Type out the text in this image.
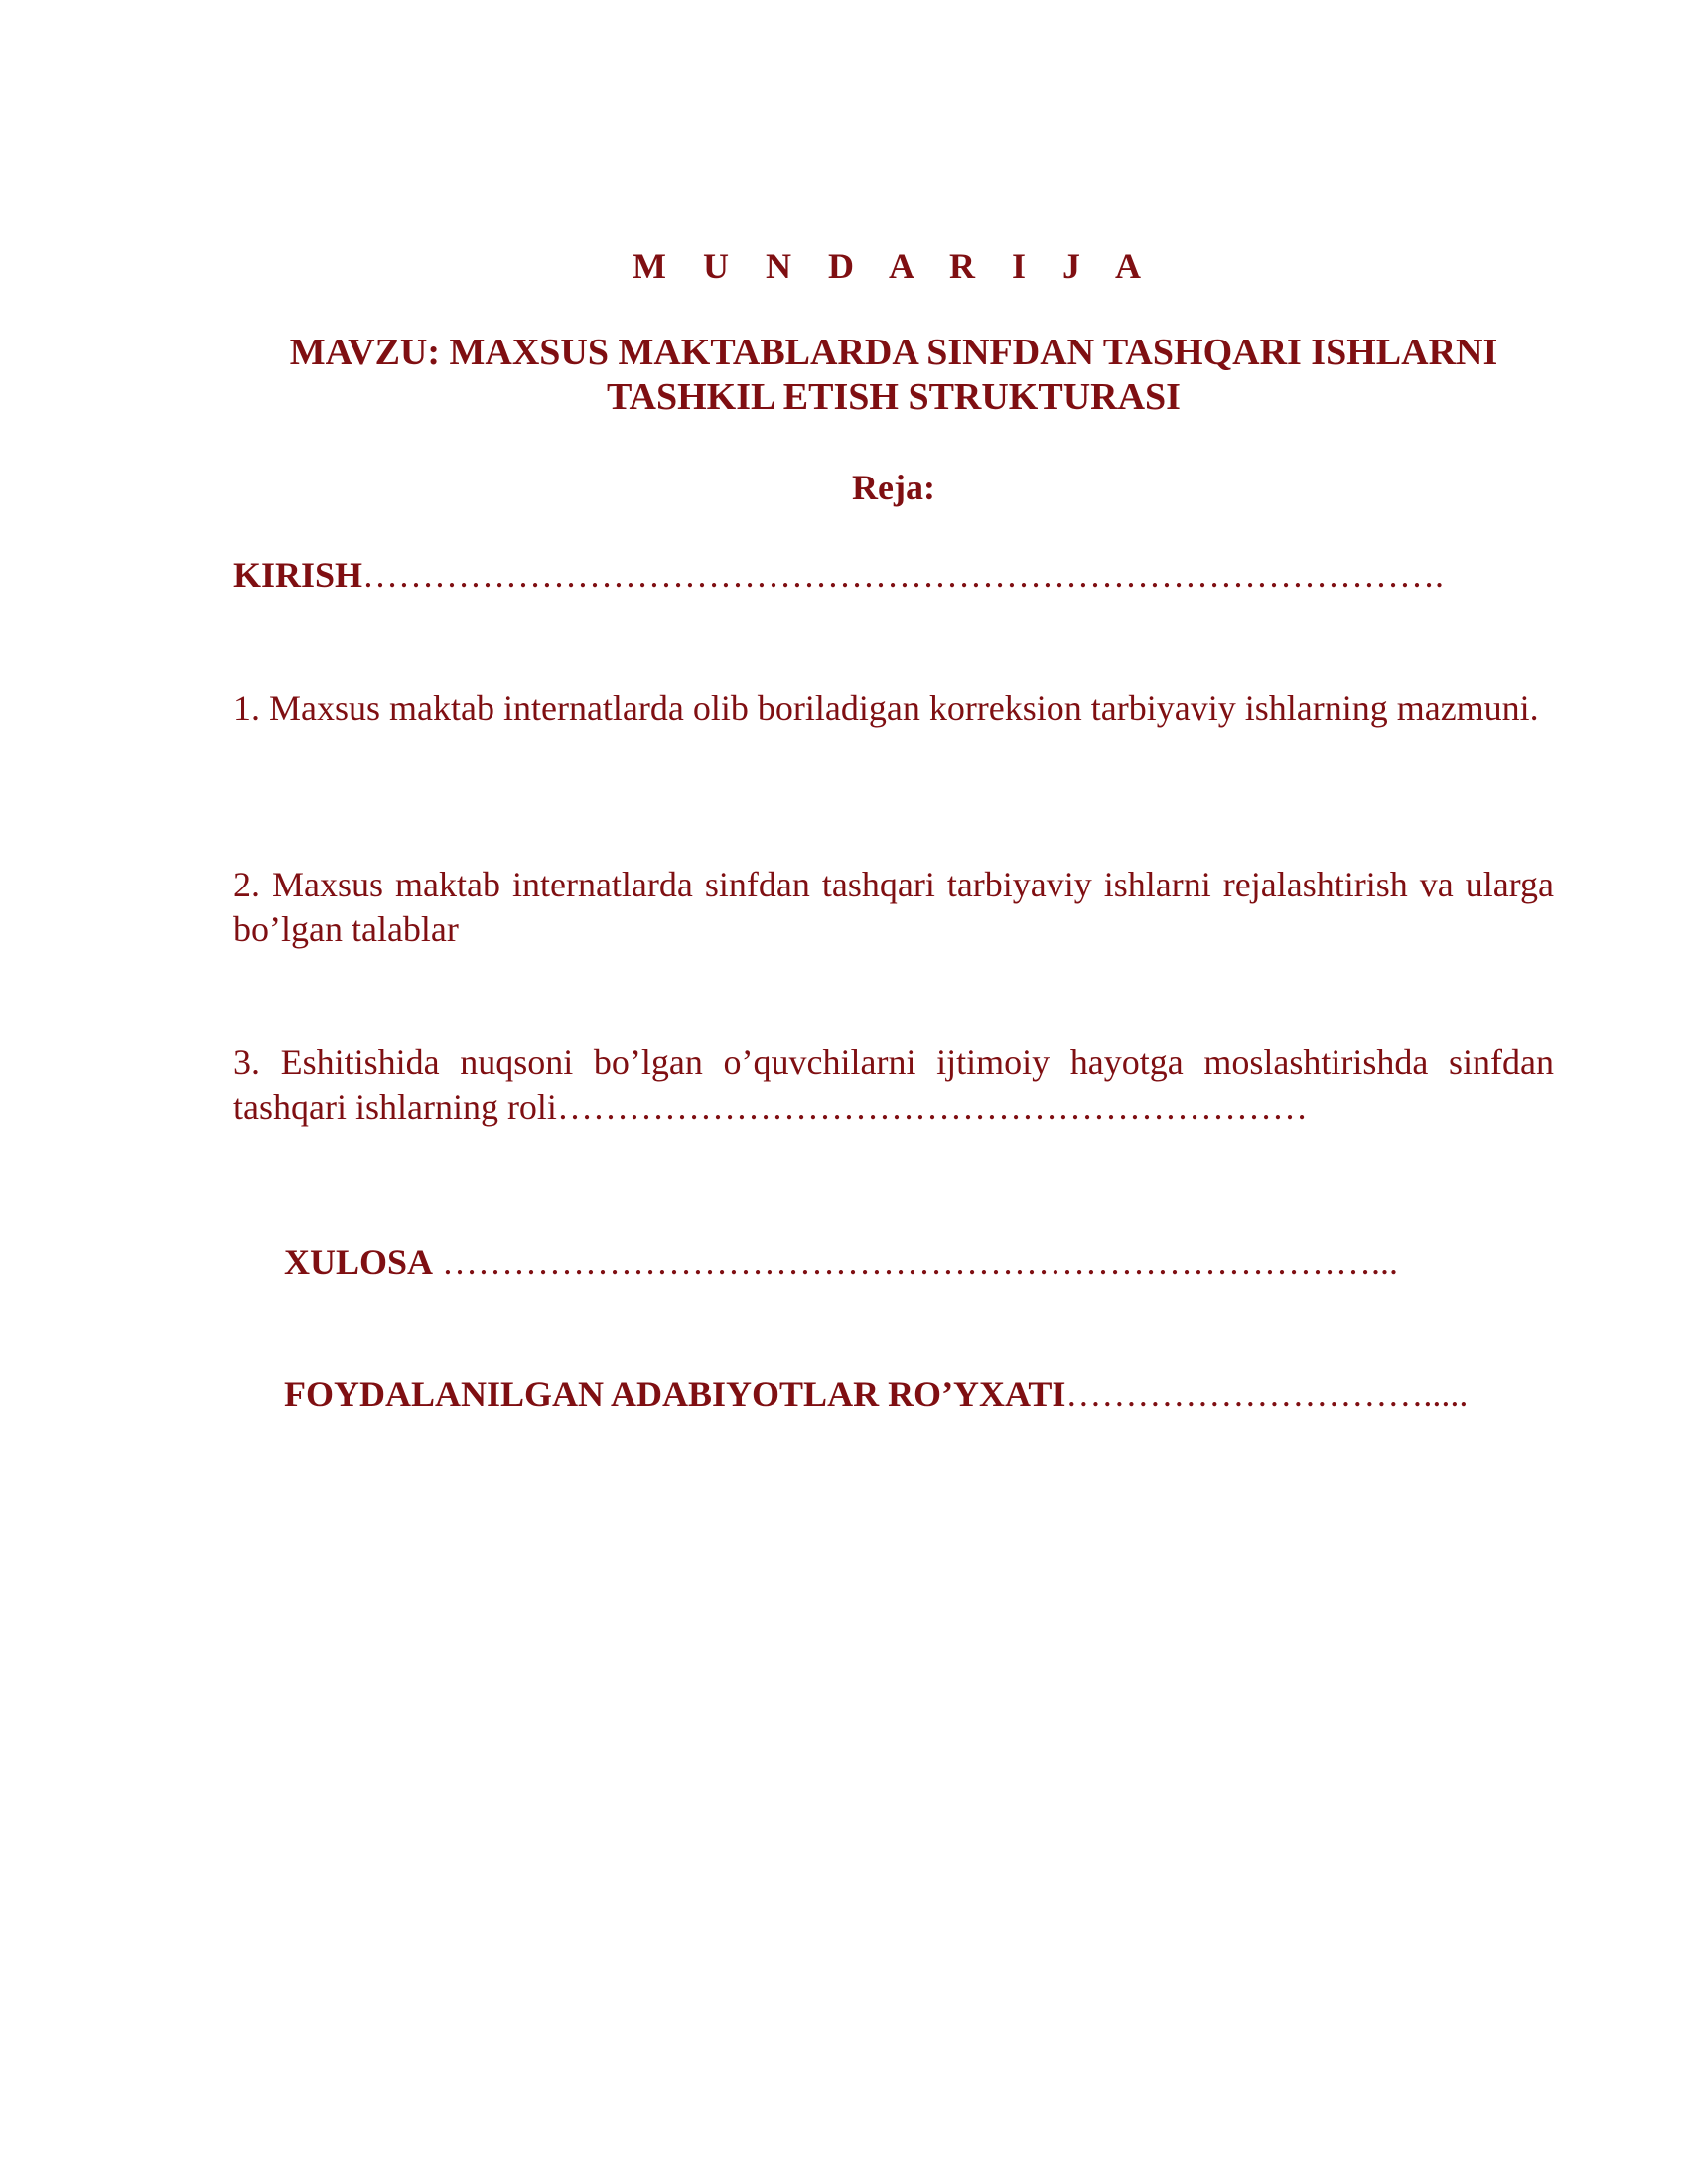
M U N D A R I J A
MAVZU: MAXSUS MAKTABLARDA SINFDAN TASHQARI ISHLARNI TASHKIL ETISH STRUKTURASI
Reja:
KIRISH……………………………………………………………………………….
1. Maxsus maktab internatlarda olib boriladigan korreksion tarbiyaviy ishlarning mazmuni.
2. Maxsus maktab internatlarda sinfdan tashqari tarbiyaviy ishlarni rejalashtirish va ularga bo’lgan talablar
3. Eshitishida nuqsoni bo’lgan o’quvchilarni ijtimoiy hayotga moslashtirishda sinfdan tashqari ishlarning roli………………………………………………………
XULOSA ……………………………………………………………………...
FOYDALANILGAN ADABIYOTLAR RO’YXATI………………………….....
